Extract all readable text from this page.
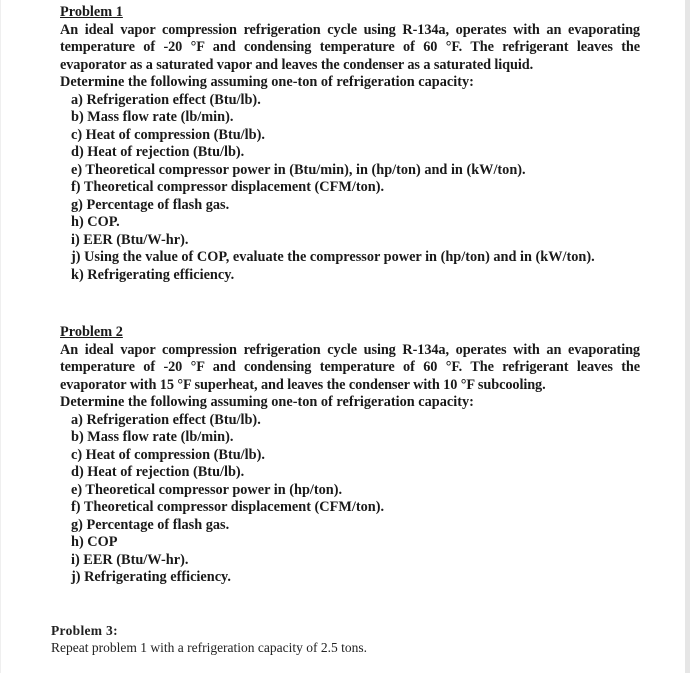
Problem 1
An ideal vapor compression refrigeration cycle using R-134a, operates with an evaporating temperature of -20 °F and condensing temperature of 60 °F. The refrigerant leaves the evaporator as a saturated vapor and leaves the condenser as a saturated liquid.
Determine the following assuming one-ton of refrigeration capacity:
a) Refrigeration effect (Btu/lb).
b) Mass flow rate (lb/min).
c) Heat of compression (Btu/lb).
d) Heat of rejection (Btu/lb).
e) Theoretical compressor power in (Btu/min), in (hp/ton) and in (kW/ton).
f) Theoretical compressor displacement (CFM/ton).
g) Percentage of flash gas.
h) COP.
i) EER (Btu/W-hr).
j) Using the value of COP, evaluate the compressor power in (hp/ton) and in (kW/ton).
k) Refrigerating efficiency.
Problem 2
An ideal vapor compression refrigeration cycle using R-134a, operates with an evaporating temperature of -20 °F and condensing temperature of 60 °F. The refrigerant leaves the evaporator with 15 °F superheat, and leaves the condenser with 10 °F subcooling.
Determine the following assuming one-ton of refrigeration capacity:
a) Refrigeration effect (Btu/lb).
b) Mass flow rate (lb/min).
c) Heat of compression (Btu/lb).
d) Heat of rejection (Btu/lb).
e) Theoretical compressor power in (hp/ton).
f) Theoretical compressor displacement (CFM/ton).
g) Percentage of flash gas.
h) COP
i) EER (Btu/W-hr).
j) Refrigerating efficiency.
Problem 3:
Repeat problem 1 with a refrigeration capacity of 2.5 tons.
